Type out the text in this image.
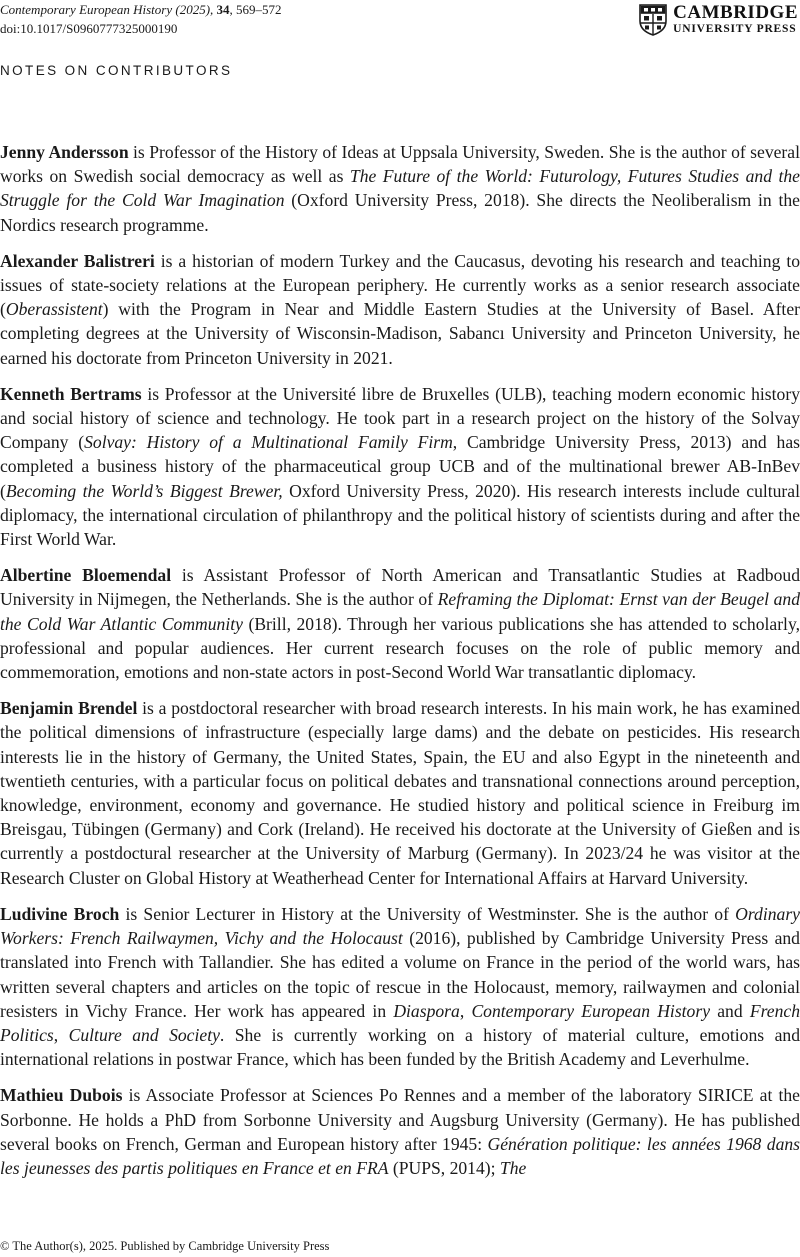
Contemporary European History (2025), 34, 569–572
doi:10.1017/S0960777325000190
CAMBRIDGE
UNIVERSITY PRESS
NOTES ON CONTRIBUTORS

Jenny Andersson is Professor of the History of Ideas at Uppsala University, Sweden. She is the author of several works on Swedish social democracy as well as The Future of the World: Futurology, Futures Studies and the Struggle for the Cold War Imagination (Oxford University Press, 2018). She directs the Neoliberalism in the Nordics research programme.

Alexander Balistreri is a historian of modern Turkey and the Caucasus, devoting his research and teaching to issues of state-society relations at the European periphery. He currently works as a senior research associate (Oberassistent) with the Program in Near and Middle Eastern Studies at the University of Basel. After completing degrees at the University of Wisconsin-Madison, Sabancı University and Princeton University, he earned his doctorate from Princeton University in 2021.

Kenneth Bertrams is Professor at the Université libre de Bruxelles (ULB), teaching modern economic history and social history of science and technology. He took part in a research project on the history of the Solvay Company (Solvay: History of a Multinational Family Firm, Cambridge University Press, 2013) and has completed a business history of the pharmaceutical group UCB and of the multinational brewer AB-InBev (Becoming the World’s Biggest Brewer, Oxford University Press, 2020). His research interests include cultural diplomacy, the international circulation of philanthropy and the political history of scientists during and after the First World War.

Albertine Bloemendal is Assistant Professor of North American and Transatlantic Studies at Radboud University in Nijmegen, the Netherlands. She is the author of Reframing the Diplomat: Ernst van der Beugel and the Cold War Atlantic Community (Brill, 2018). Through her various publications she has attended to scholarly, professional and popular audiences. Her current research focuses on the role of public memory and commemoration, emotions and non-state actors in post-Second World War transatlantic diplomacy.

Benjamin Brendel is a postdoctoral researcher with broad research interests. In his main work, he has examined the political dimensions of infrastructure (especially large dams) and the debate on pesticides. His research interests lie in the history of Germany, the United States, Spain, the EU and also Egypt in the nineteenth and twentieth centuries, with a particular focus on political debates and transnational connections around perception, knowledge, environment, economy and governance. He studied history and political science in Freiburg im Breisgau, Tübingen (Germany) and Cork (Ireland). He received his doctorate at the University of Gießen and is currently a postdoctural researcher at the University of Marburg (Germany). In 2023/24 he was visitor at the Research Cluster on Global History at Weatherhead Center for International Affairs at Harvard University.

Ludivine Broch is Senior Lecturer in History at the University of Westminster. She is the author of Ordinary Workers: French Railwaymen, Vichy and the Holocaust (2016), published by Cambridge University Press and translated into French with Tallandier. She has edited a volume on France in the period of the world wars, has written several chapters and articles on the topic of rescue in the Holocaust, memory, railwaymen and colonial resisters in Vichy France. Her work has appeared in Diaspora, Contemporary European History and French Politics, Culture and Society. She is currently working on a history of material culture, emotions and international relations in postwar France, which has been funded by the British Academy and Leverhulme.

Mathieu Dubois is Associate Professor at Sciences Po Rennes and a member of the laboratory SIRICE at the Sorbonne. He holds a PhD from Sorbonne University and Augsburg University (Germany). He has published several books on French, German and European history after 1945: Génération politique: les années 1968 dans les jeunesses des partis politiques en France et en FRA (PUPS, 2014); The

© The Author(s), 2025. Published by Cambridge University Press
